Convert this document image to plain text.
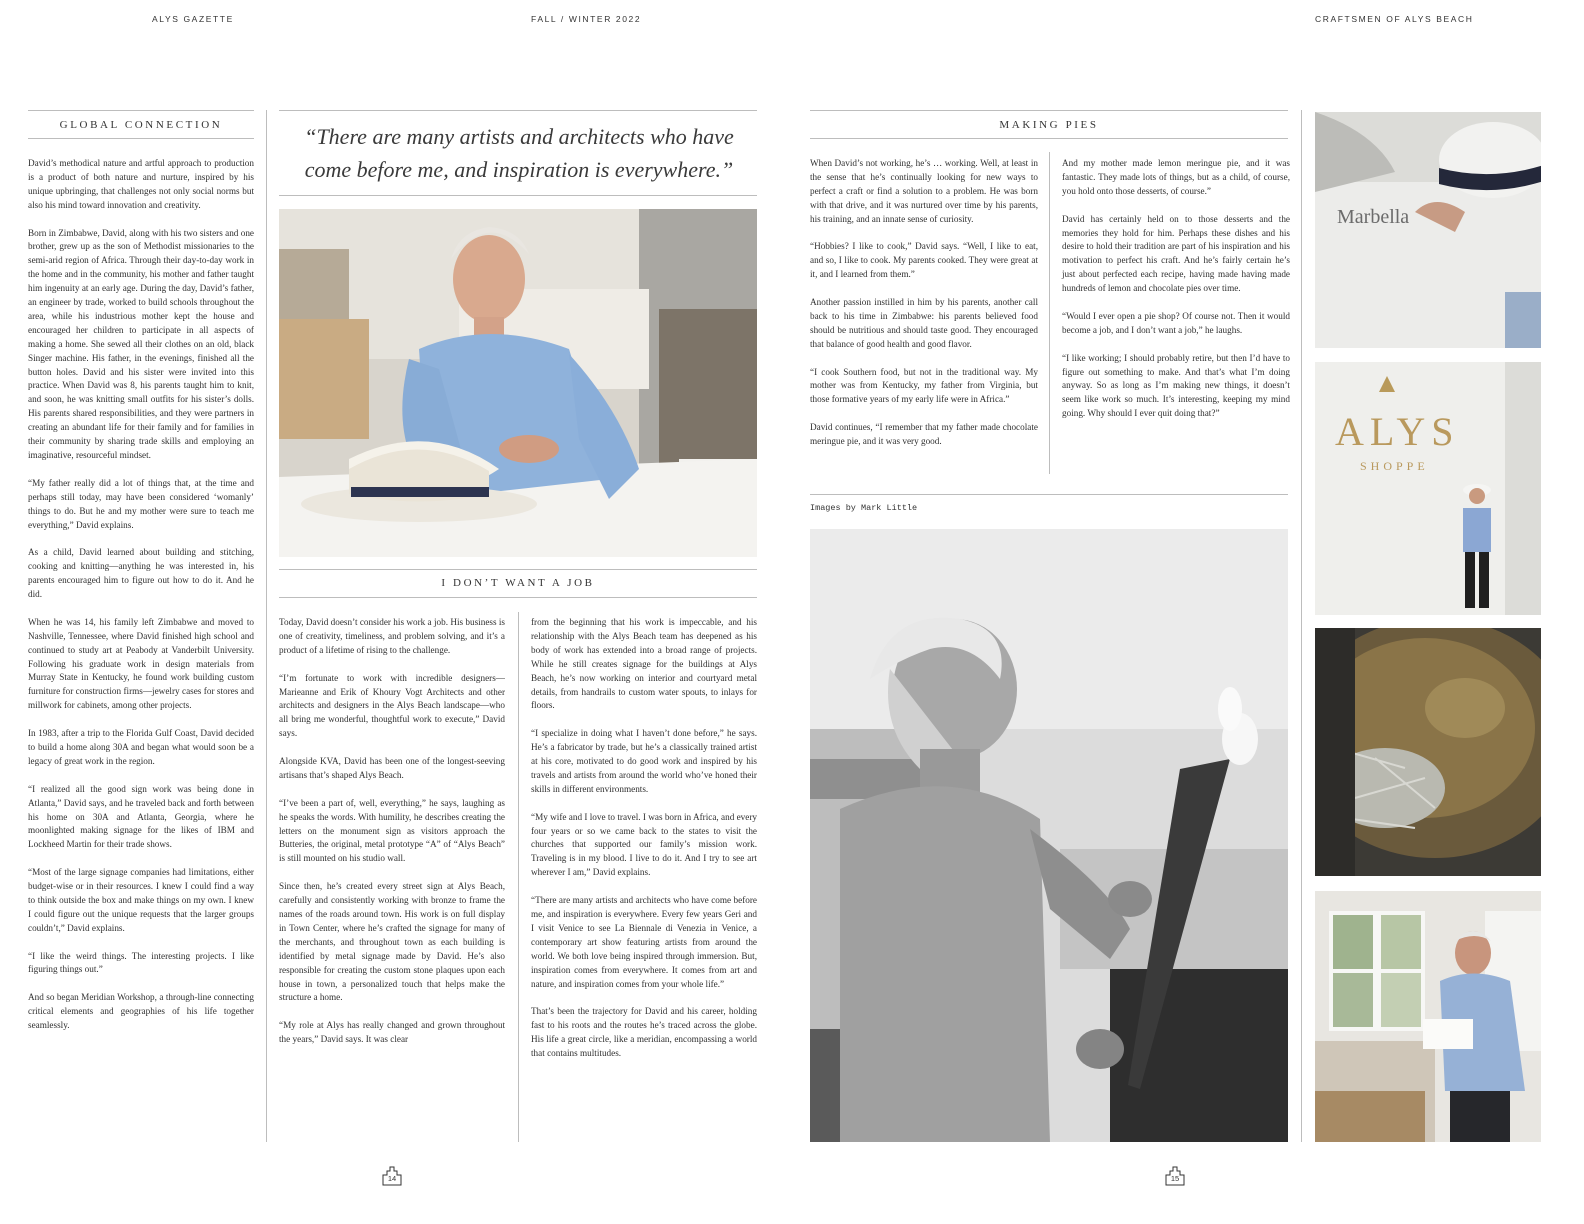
ALYS GAZETTE	FALL / WINTER 2022	CRAFTSMEN OF ALYS BEACH
GLOBAL CONNECTION
I DON’T WANT A JOB
MAKING PIES
“There are many artists and architects who have come before me, and inspiration is everywhere.”

David’s methodical nature and artful approach to production is a product of both nature and nurture, inspired by his unique upbringing, that challenges not only social norms but also his mind toward innovation and creativity.

Born in Zimbabwe, David, along with his two sisters and one brother, grew up as the son of Methodist missionaries to the semi-arid region of Africa. Through their day-to-day work in the home and in the community, his mother and father taught him ingenuity at an early age. During the day, David’s father, an engineer by trade, worked to build schools throughout the area, while his industrious mother kept the house and encouraged her children to participate in all aspects of making a home. She sewed all their clothes on an old, black Singer machine. His father, in the evenings, finished all the button holes. David and his sister were invited into this practice. When David was 8, his parents taught him to knit, and soon, he was knitting small outfits for his sister’s dolls. His parents shared responsibilities, and they were partners in creating an abundant life for their family and for families in their community by sharing trade skills and employing an imaginative, resourceful mindset.

“My father really did a lot of things that, at the time and perhaps still today, may have been considered ‘womanly’ things to do. But he and my mother were sure to teach me everything,” David explains.

As a child, David learned about building and stitching, cooking and knitting—anything he was interested in, his parents encouraged him to figure out how to do it. And he did.

When he was 14, his family left Zimbabwe and moved to Nashville, Tennessee, where David finished high school and continued to study art at Peabody at Vanderbilt University. Following his graduate work in design materials from Murray State in Kentucky, he found work building custom furniture for construction firms—jewelry cases for stores and millwork for cabinets, among other projects.

In 1983, after a trip to the Florida Gulf Coast, David decided to build a home along 30A and began what would soon be a legacy of great work in the region.

“I realized all the good sign work was being done in Atlanta,” David says, and he traveled back and forth between his home on 30A and Atlanta, Georgia, where he moonlighted making signage for the likes of IBM and Lockheed Martin for their trade shows.

“Most of the large signage companies had limitations, either budget-wise or in their resources. I knew I could find a way to think outside the box and make things on my own. I knew I could figure out the unique requests that the larger groups couldn’t,” David explains.

“I like the weird things. The interesting projects. I like figuring things out.”

And so began Meridian Workshop, a through-line connecting critical elements and geographies of his life together seamlessly.

Today, David doesn’t consider his work a job. His business is one of creativity, timeliness, and problem solving, and it’s a product of a lifetime of rising to the challenge.

“I’m fortunate to work with incredible designers—Marieanne and Erik of Khoury Vogt Architects and other architects and designers in the Alys Beach landscape—who all bring me wonderful, thoughtful work to execute,” David says.

Alongside KVA, David has been one of the longest-seeving artisans that’s shaped Alys Beach.

“I’ve been a part of, well, everything,” he says, laughing as he speaks the words. With humility, he describes creating the letters on the monument sign as visitors approach the Butteries, the original, metal prototype “A” of “Alys Beach” is still mounted on his studio wall.

Since then, he’s created every street sign at Alys Beach, carefully and consistently working with bronze to frame the names of the roads around town. His work is on full display in Town Center, where he’s crafted the signage for many of the merchants, and throughout town as each building is identified by metal signage made by David. He’s also responsible for creating the custom stone plaques upon each house in town, a personalized touch that helps make the structure a home.

“My role at Alys has really changed and grown throughout the years,” David says. It was clear

from the beginning that his work is impeccable, and his relationship with the Alys Beach team has deepened as his body of work has extended into a broad range of projects. While he still creates signage for the buildings at Alys Beach, he’s now working on interior and courtyard metal details, from handrails to custom water spouts, to inlays for floors.

“I specialize in doing what I haven’t done before,” he says. He’s a fabricator by trade, but he’s a classically trained artist at his core, motivated to do good work and inspired by his travels and artists from around the world who’ve honed their skills in different environments.

“My wife and I love to travel. I was born in Africa, and every four years or so we came back to the states to visit the churches that supported our family’s mission work. Traveling is in my blood. I live to do it. And I try to see art wherever I am,” David explains.

“There are many artists and architects who have come before me, and inspiration is everywhere. Every few years Geri and I visit Venice to see La Biennale di Venezia in Venice, a contemporary art show featuring artists from around the world. We both love being inspired through immersion. But, inspiration comes from everywhere. It comes from art and nature, and inspiration comes from your whole life.”

That’s been the trajectory for David and his career, holding fast to his roots and the routes he’s traced across the globe. His life a great circle, like a meridian, encompassing a world that contains multitudes.

When David’s not working, he’s … working. Well, at least in the sense that he’s continually looking for new ways to perfect a craft or find a solution to a problem. He was born with that drive, and it was nurtured over time by his parents, his training, and an innate sense of curiosity.

“Hobbies? I like to cook,” David says. “Well, I like to eat, and so, I like to cook. My parents cooked. They were great at it, and I learned from them.”

Another passion instilled in him by his parents, another call back to his time in Zimbabwe: his parents believed food should be nutritious and should taste good. They encouraged that balance of good health and good flavor.

“I cook Southern food, but not in the traditional way. My mother was from Kentucky, my father from Virginia, but those formative years of my early life were in Africa.”

David continues, “I remember that my father made chocolate meringue pie, and it was very good.

And my mother made lemon meringue pie, and it was fantastic. They made lots of things, but as a child, of course, you hold onto those desserts, of course.”

David has certainly held on to those desserts and the memories they hold for him. Perhaps these dishes and his desire to hold their tradition are part of his inspiration and his motivation to perfect his craft. And he’s fairly certain he’s just about perfected each recipe, having made having made hundreds of lemon and chocolate pies over time.

“Would I ever open a pie shop? Of course not. Then it would become a job, and I don’t want a job,” he laughs.

“I like working; I should probably retire, but then I’d have to figure out something to make. And that’s what I’m doing anyway. So as long as I’m making new things, it doesn’t seem like work so much. It’s interesting, keeping my mind going. Why should I ever quit doing that?”

Images by Mark Little
Marbella
ALYS
SHOPPE
14	15
